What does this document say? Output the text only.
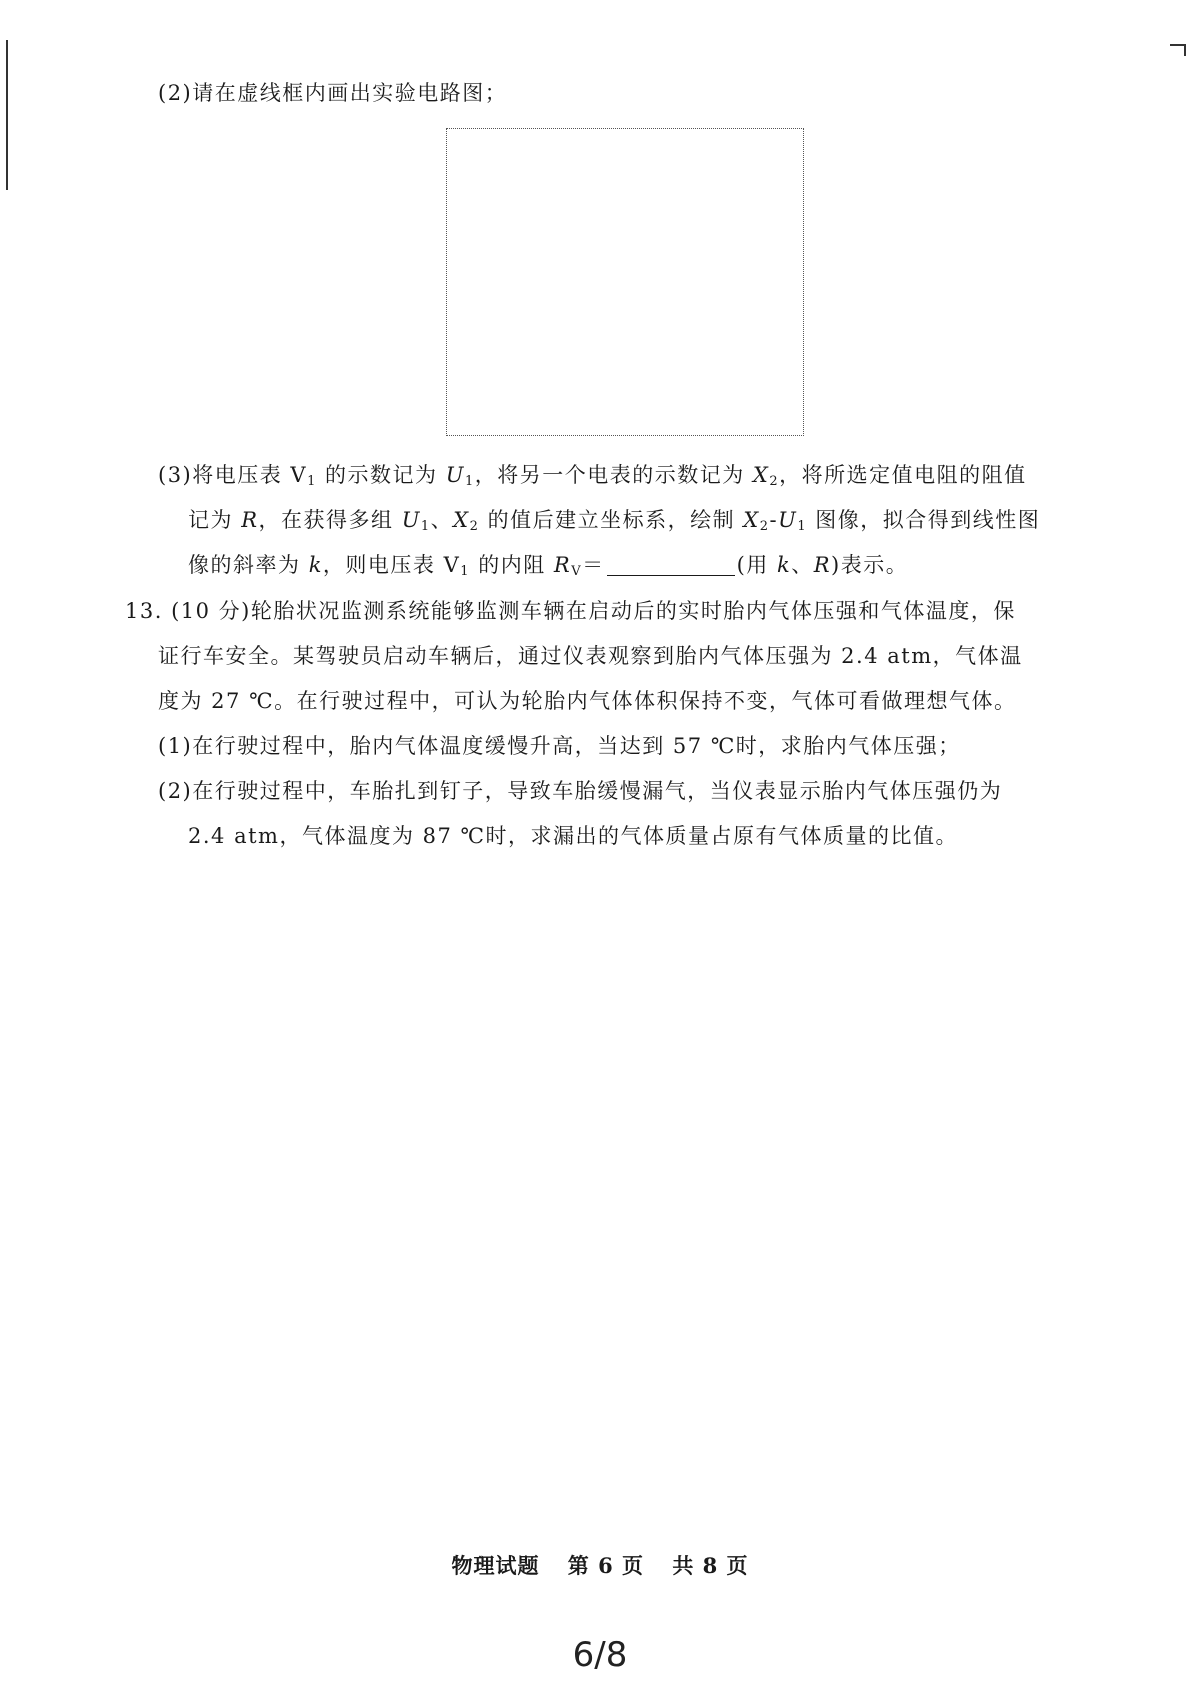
(2)请在虚线框内画出实验电路图；
(3)将电压表 $V_1$ 的示数记为 $U_1$，将另一个电表的示数记为 $X_2$，将所选定值电阻的阻值
记为 R，在获得多组 $U_1$、$X_2$ 的值后建立坐标系，绘制 $X_2-U_1$ 图像，拟合得到线性图
像的斜率为 k，则电压表 $V_1$ 的内阻 $R_V=$	(用 k、R)表示。
13. (10 分)轮胎状况监测系统能够监测车辆在启动后的实时胎内气体压强和气体温度，保
证行车安全。某驾驶员启动车辆后，通过仪表观察到胎内气体压强为 2.4 atm，气体温
度为 27 ℃。在行驶过程中，可认为轮胎内气体体积保持不变，气体可看做理想气体。
(1)在行驶过程中，胎内气体温度缓慢升高，当达到 57 ℃时，求胎内气体压强；
(2)在行驶过程中，车胎扎到钉子，导致车胎缓慢漏气，当仪表显示胎内气体压强仍为
2.4 atm，气体温度为 87 ℃时，求漏出的气体质量占原有气体质量的比值。
物理试题 第 6 页 共 8 页
6/8
